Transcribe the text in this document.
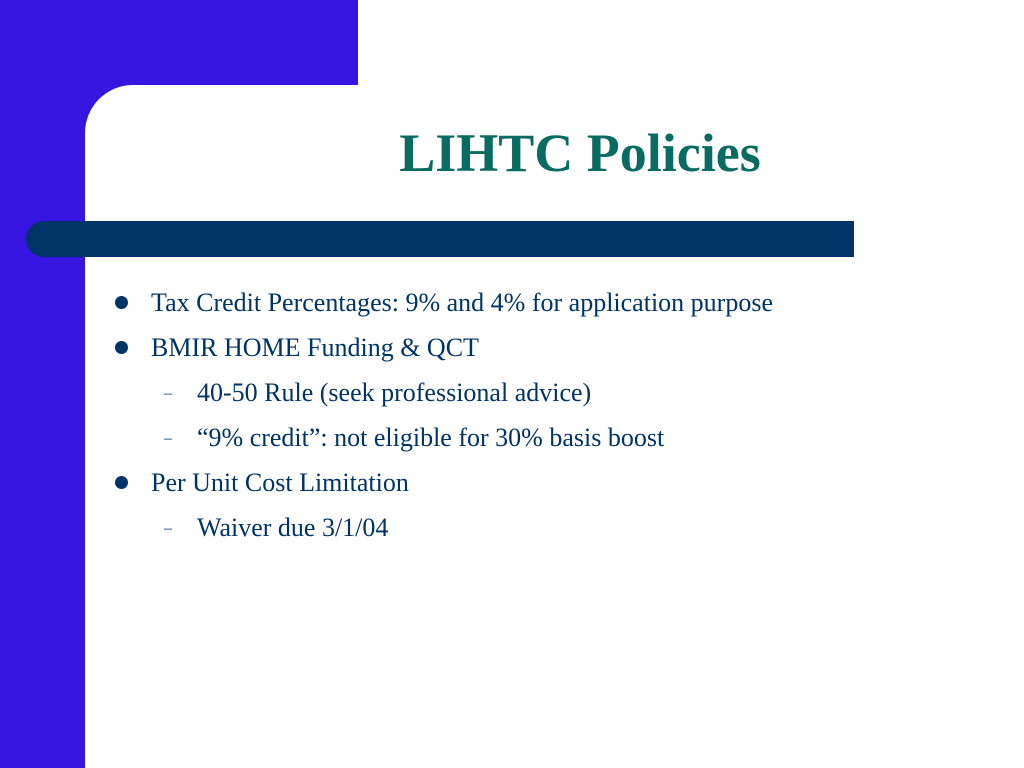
LIHTC Policies
Tax Credit Percentages: 9% and 4% for application purpose
BMIR HOME Funding & QCT
– 40-50 Rule (seek professional advice)
– “9% credit”: not eligible for 30% basis boost
Per Unit Cost Limitation
– Waiver due 3/1/04
